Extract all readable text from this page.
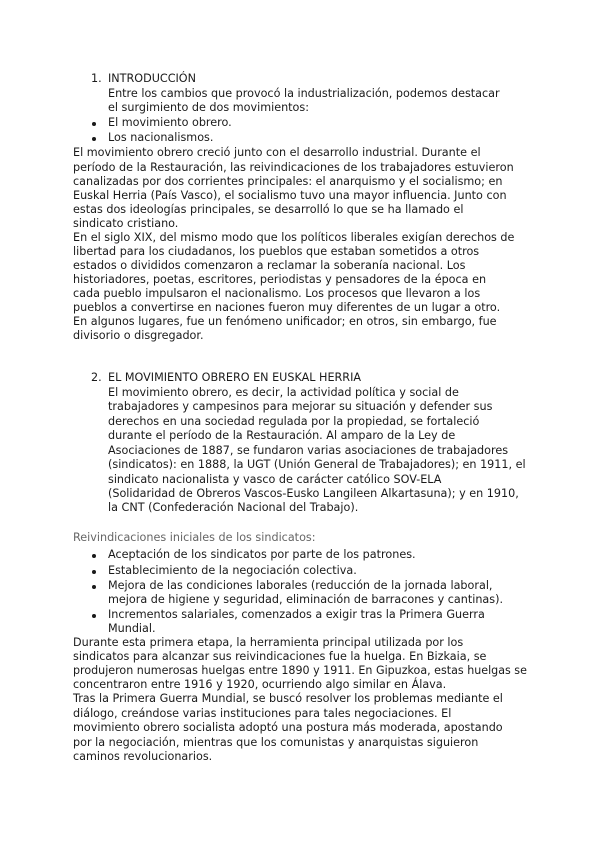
1. INTRODUCCIÓN
Entre los cambios que provocó la industrialización, podemos destacar
el surgimiento de dos movimientos:
El movimiento obrero.
Los nacionalismos.
El movimiento obrero creció junto con el desarrollo industrial. Durante el
período de la Restauración, las reivindicaciones de los trabajadores estuvieron
canalizadas por dos corrientes principales: el anarquismo y el socialismo; en
Euskal Herria (País Vasco), el socialismo tuvo una mayor influencia. Junto con
estas dos ideologías principales, se desarrolló lo que se ha llamado el
sindicato cristiano.
En el siglo XIX, del mismo modo que los políticos liberales exigían derechos de
libertad para los ciudadanos, los pueblos que estaban sometidos a otros
estados o divididos comenzaron a reclamar la soberanía nacional. Los
historiadores, poetas, escritores, periodistas y pensadores de la época en
cada pueblo impulsaron el nacionalismo. Los procesos que llevaron a los
pueblos a convertirse en naciones fueron muy diferentes de un lugar a otro.
En algunos lugares, fue un fenómeno unificador; en otros, sin embargo, fue
divisorio o disgregador.
2. EL MOVIMIENTO OBRERO EN EUSKAL HERRIA
El movimiento obrero, es decir, la actividad política y social de
trabajadores y campesinos para mejorar su situación y defender sus
derechos en una sociedad regulada por la propiedad, se fortaleció
durante el período de la Restauración. Al amparo de la Ley de
Asociaciones de 1887, se fundaron varias asociaciones de trabajadores
(sindicatos): en 1888, la UGT (Unión General de Trabajadores); en 1911, el
sindicato nacionalista y vasco de carácter católico SOV-ELA
(Solidaridad de Obreros Vascos-Eusko Langileen Alkartasuna); y en 1910,
la CNT (Confederación Nacional del Trabajo).
Reivindicaciones iniciales de los sindicatos:
Aceptación de los sindicatos por parte de los patrones.
Establecimiento de la negociación colectiva.
Mejora de las condiciones laborales (reducción de la jornada laboral,
mejora de higiene y seguridad, eliminación de barracones y cantinas).
Incrementos salariales, comenzados a exigir tras la Primera Guerra
Mundial.
Durante esta primera etapa, la herramienta principal utilizada por los
sindicatos para alcanzar sus reivindicaciones fue la huelga. En Bizkaia, se
produjeron numerosas huelgas entre 1890 y 1911. En Gipuzkoa, estas huelgas se
concentraron entre 1916 y 1920, ocurriendo algo similar en Álava.
Tras la Primera Guerra Mundial, se buscó resolver los problemas mediante el
diálogo, creándose varias instituciones para tales negociaciones. El
movimiento obrero socialista adoptó una postura más moderada, apostando
por la negociación, mientras que los comunistas y anarquistas siguieron
caminos revolucionarios.
